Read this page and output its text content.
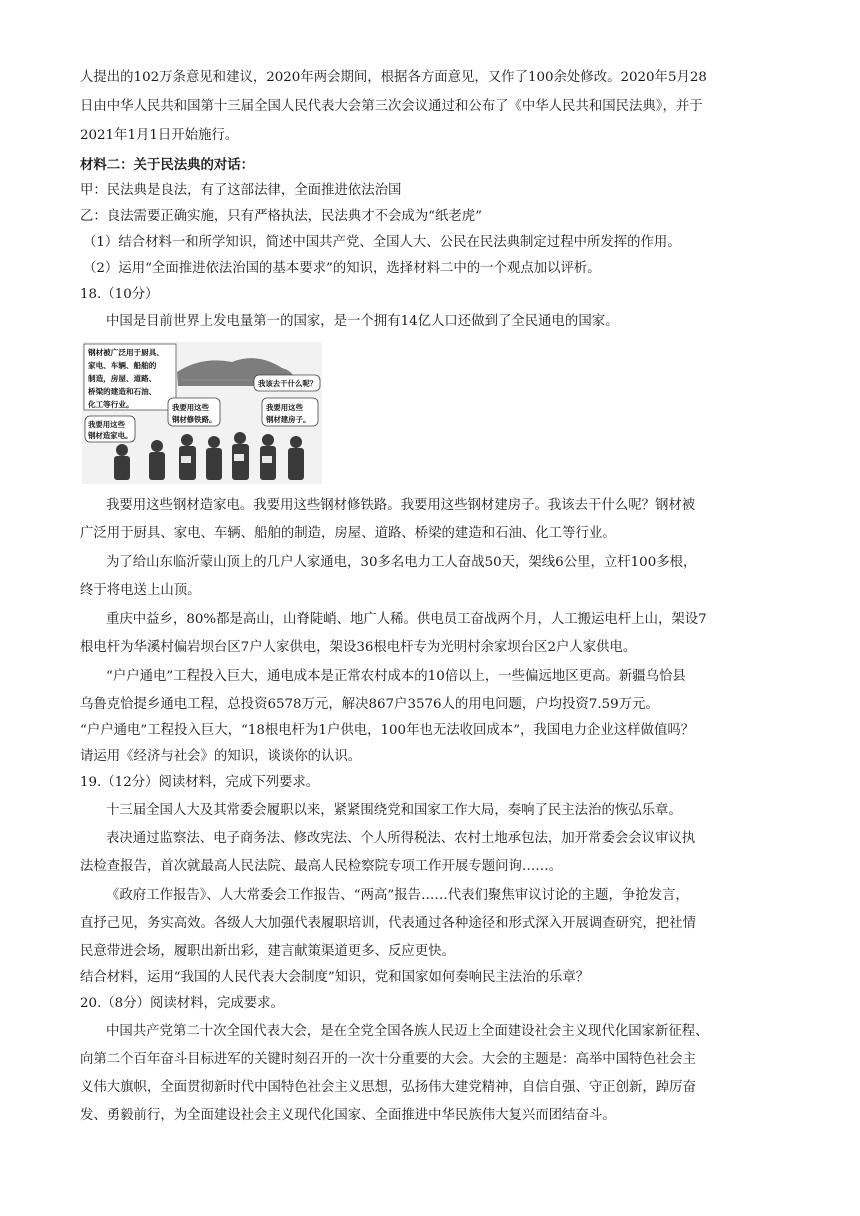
人提出的102万条意见和建议，2020年两会期间，根据各方面意见，又作了100余处修改。2020年5月28
日由中华人民共和国第十三届全国人民代表大会第三次会议通过和公布了《中华人民共和国民法典》，并于
2021年1月1日开始施行。
材料二：关于民法典的对话：
甲：民法典是良法，有了这部法律，全面推进依法治国
乙：良法需要正确实施，只有严格执法，民法典才不会成为“纸老虎”
（1）结合材料一和所学知识，简述中国共产党、全国人大、公民在民法典制定过程中所发挥的作用。
（2）运用“全面推进依法治国的基本要求”的知识，选择材料二中的一个观点加以评析。
18.（10分）
中国是目前世界上发电量第一的国家，是一个拥有14亿人口还做到了全民通电的国家。
钢材被广泛用于厨具、 家电、车辆、船舶的 制造，房屋、道路、 桥梁的建造和石油、 化工等行业。
我该去干什么呢？
我要用这些 钢材造家电。
我要用这些 钢材修铁路。
我要用这些 钢材建房子。
我要用这些钢材造家电。我要用这些钢材修铁路。我要用这些钢材建房子。我该去干什么呢？钢材被
广泛用于厨具、家电、车辆、船舶的制造，房屋、道路、桥梁的建造和石油、化工等行业。
为了给山东临沂蒙山顶上的几户人家通电，30多名电力工人奋战50天，架线6公里，立杆100多根，
终于将电送上山顶。
重庆中益乡，80%都是高山，山脊陡峭、地广人稀。供电员工奋战两个月，人工搬运电杆上山，架设7
根电杆为华溪村偏岩坝台区7户人家供电，架设36根电杆专为光明村余家坝台区2户人家供电。
“户户通电”工程投入巨大，通电成本是正常农村成本的10倍以上，一些偏远地区更高。新疆乌恰县
乌鲁克恰提乡通电工程，总投资6578万元，解决867户3576人的用电问题，户均投资7.59万元。
“户户通电”工程投入巨大，“18根电杆为1户供电，100年也无法收回成本”，我国电力企业这样做值吗？
请运用《经济与社会》的知识，谈谈你的认识。
19.（12分）阅读材料，完成下列要求。
十三届全国人大及其常委会履职以来，紧紧围绕党和国家工作大局，奏响了民主法治的恢弘乐章。
表决通过监察法、电子商务法、修改宪法、个人所得税法、农村土地承包法，加开常委会会议审议执
法检查报告，首次就最高人民法院、最高人民检察院专项工作开展专题问询……。
《政府工作报告》、人大常委会工作报告、“两高”报告……代表们聚焦审议讨论的主题，争抢发言，
直抒己见，务实高效。各级人大加强代表履职培训，代表通过各种途径和形式深入开展调查研究，把社情
民意带进会场，履职出新出彩，建言献策渠道更多、反应更快。
结合材料，运用“我国的人民代表大会制度”知识，党和国家如何奏响民主法治的乐章？
20.（8分）阅读材料，完成要求。
中国共产党第二十次全国代表大会，是在全党全国各族人民迈上全面建设社会主义现代化国家新征程、
向第二个百年奋斗目标进军的关键时刻召开的一次十分重要的大会。大会的主题是：高举中国特色社会主
义伟大旗帜，全面贯彻新时代中国特色社会主义思想，弘扬伟大建党精神，自信自强、守正创新，踔厉奋
发、勇毅前行，为全面建设社会主义现代化国家、全面推进中华民族伟大复兴而团结奋斗。
